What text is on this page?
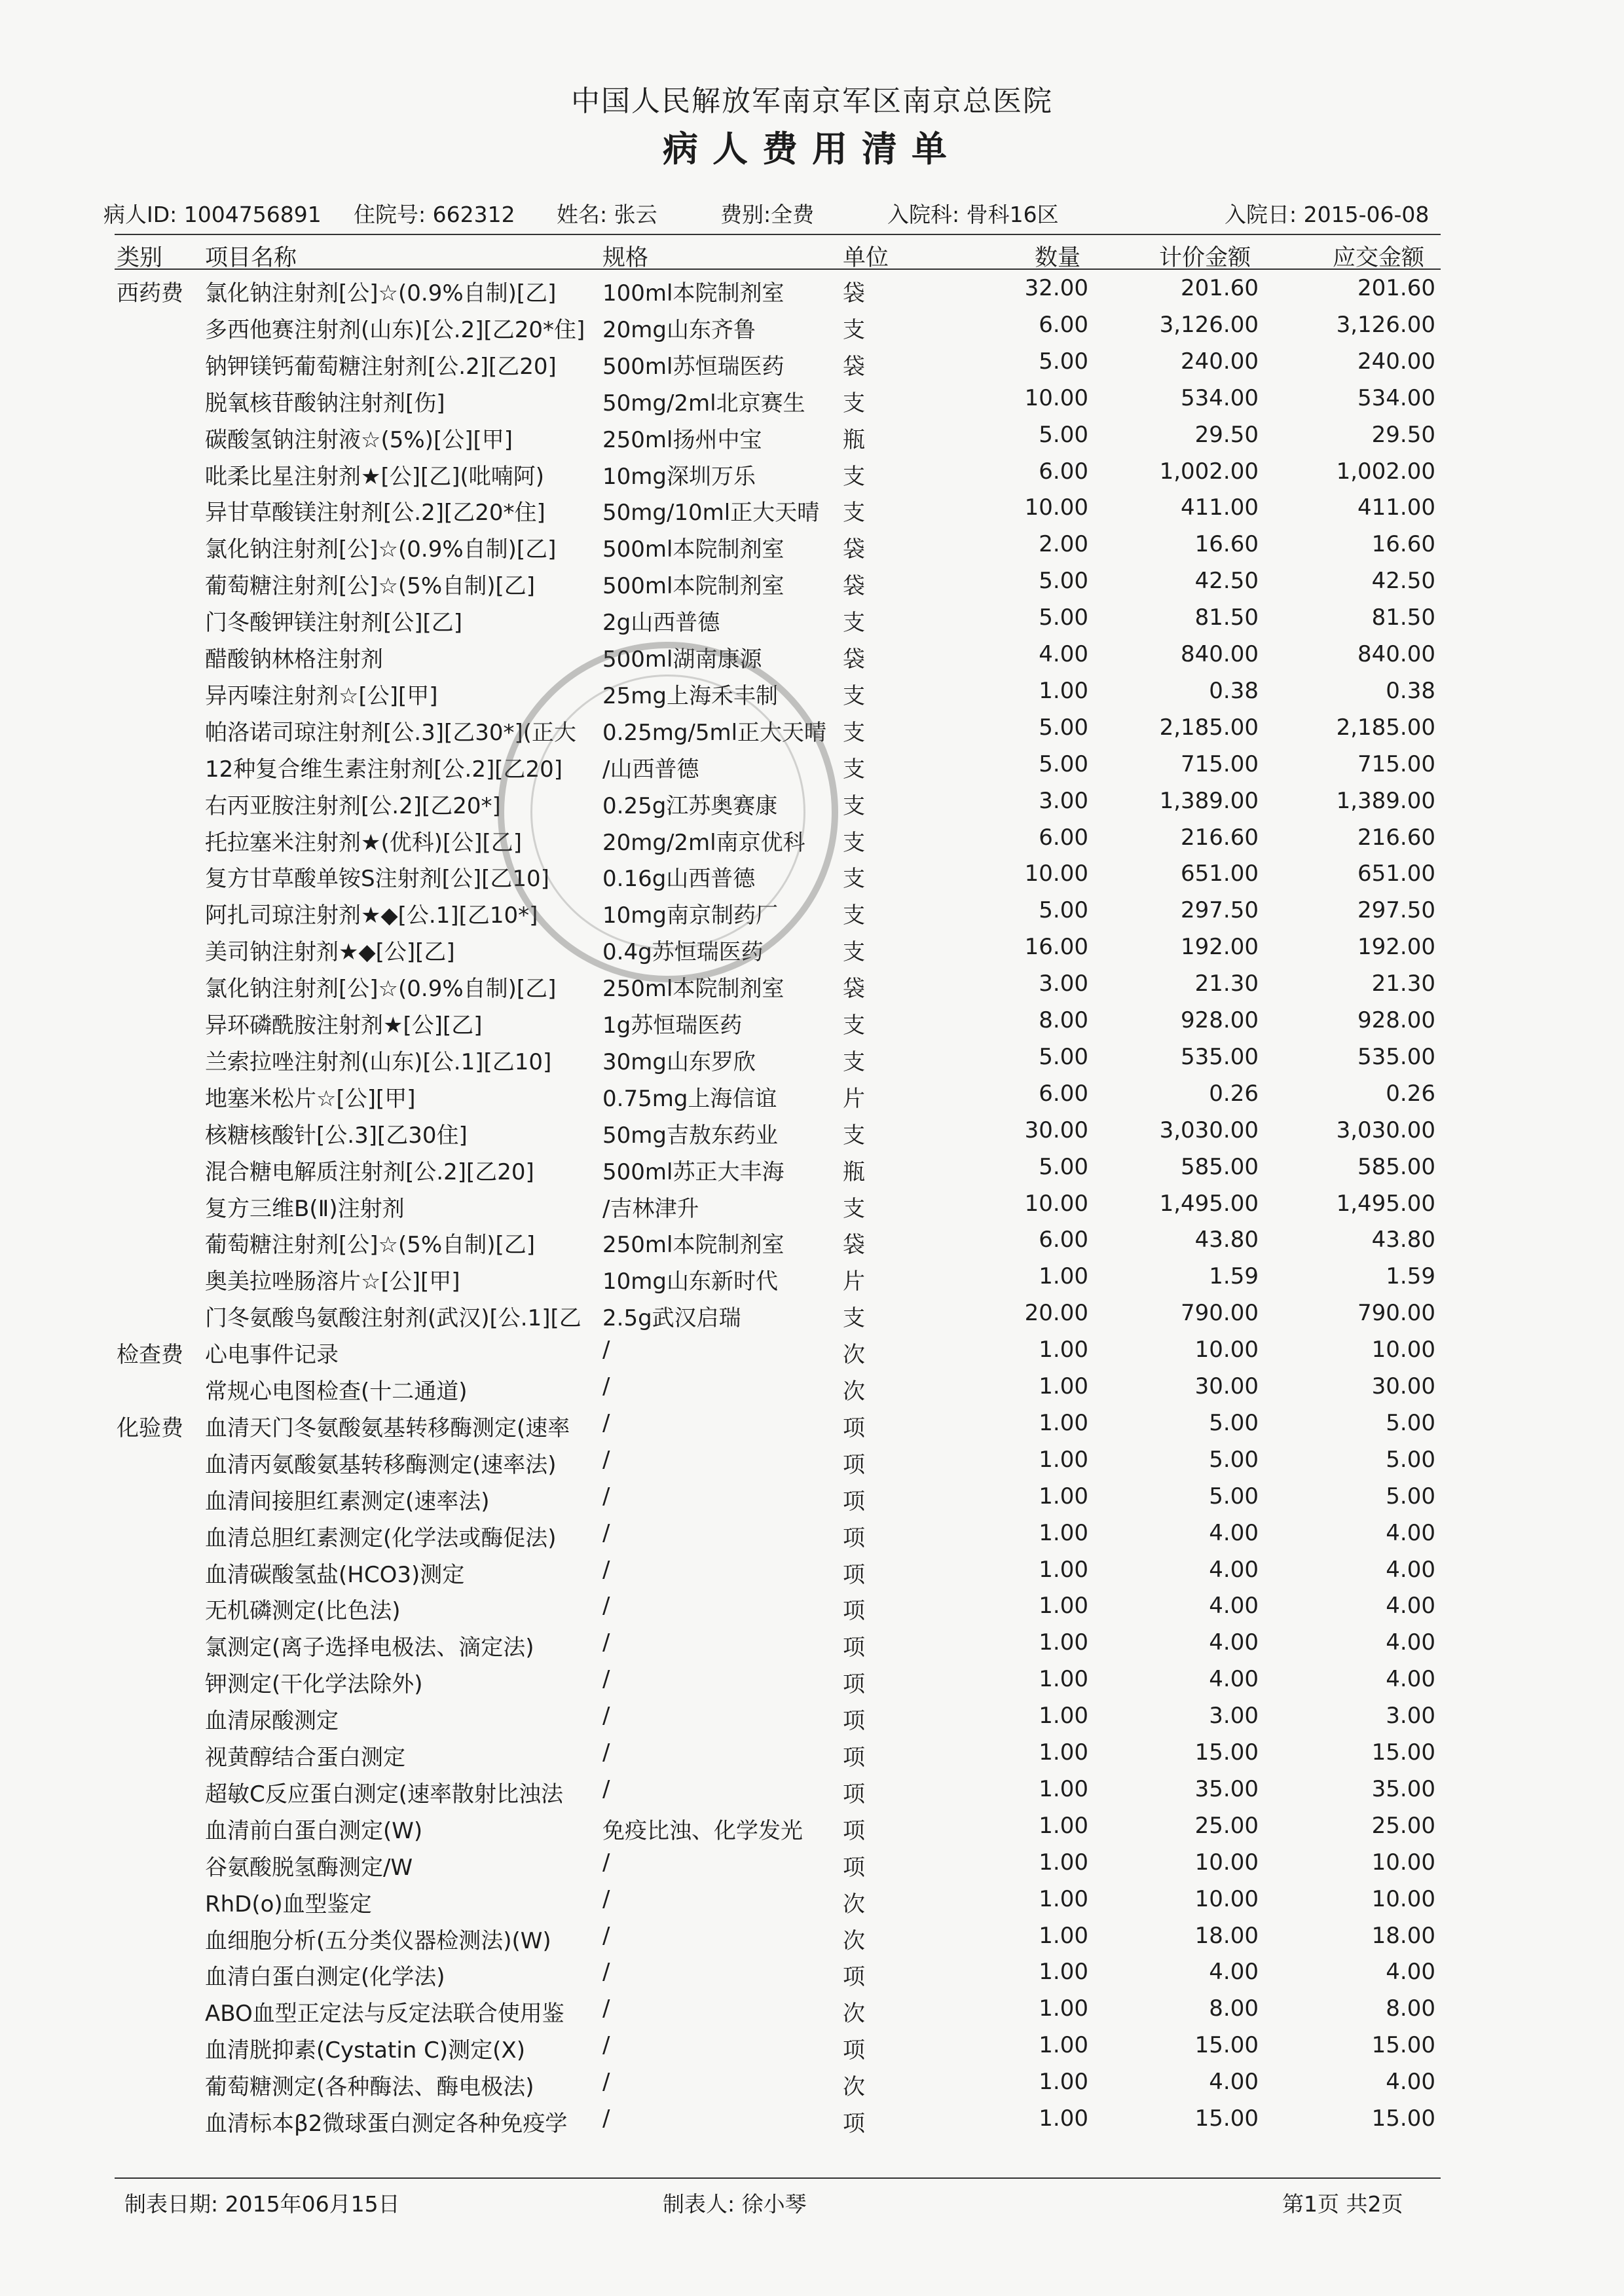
中国人民解放军南京军区南京总医院
病人费用清单
病人ID: 1004756891 住院号: 662312 姓名: 张云	费别:全费	入院科: 骨科16区	入院日: 2015-06-08
类别 项目名称	规格	单位	数量	计价金额	应交金额
西药费 氯化钠注射剂[公]☆(0.9%自制)[乙]	100ml本院制剂室	袋	32.00	201.60	201.60
多西他赛注射剂(山东)[公.2][乙20*住] 20mg山东齐鲁	支	6.00	3,126.00	3,126.00
钠钾镁钙葡萄糖注射剂[公.2][乙20]	500ml苏恒瑞医药	袋	5.00	240.00	240.00
脱氧核苷酸钠注射剂[伤]	50mg/2ml北京赛生	支	10.00	534.00	534.00
碳酸氢钠注射液☆(5%)[公][甲]	250ml扬州中宝	瓶	5.00	29.50	29.50
吡柔比星注射剂★[公][乙](吡喃阿)	10mg深圳万乐	支	6.00	1,002.00	1,002.00
异甘草酸镁注射剂[公.2][乙20*住]	50mg/10ml正大天晴	支	10.00	411.00	411.00
氯化钠注射剂[公]☆(0.9%自制)[乙]	500ml本院制剂室	袋	2.00	16.60	16.60
葡萄糖注射剂[公]☆(5%自制)[乙]	500ml本院制剂室	袋	5.00	42.50	42.50
门冬酸钾镁注射剂[公][乙]	2g山西普德	支	5.00	81.50	81.50
醋酸钠林格注射剂	500ml湖南康源	袋	4.00	840.00	840.00
异丙嗪注射剂☆[公][甲]	25mg上海禾丰制	支	1.00	0.38	0.38
帕洛诺司琼注射剂[公.3][乙30*](正大	0.25mg/5ml正大天晴 支	5.00	2,185.00	2,185.00
12种复合维生素注射剂[公.2][乙20]	/山西普德	支	5.00	715.00	715.00
右丙亚胺注射剂[公.2][乙20*]	0.25g江苏奥赛康	支	3.00	1,389.00	1,389.00
托拉塞米注射剂★(优科)[公][乙]	20mg/2ml南京优科	支	6.00	216.60	216.60
复方甘草酸单铵S注射剂[公][乙10]	0.16g山西普德	支	10.00	651.00	651.00
阿扎司琼注射剂★◆[公.1][乙10*]	10mg南京制药厂	支	5.00	297.50	297.50
美司钠注射剂★◆[公][乙]	0.4g苏恒瑞医药	支	16.00	192.00	192.00
氯化钠注射剂[公]☆(0.9%自制)[乙]	250ml本院制剂室	袋	3.00	21.30	21.30
异环磷酰胺注射剂★[公][乙]	1g苏恒瑞医药	支	8.00	928.00	928.00
兰索拉唑注射剂(山东)[公.1][乙10]	30mg山东罗欣	支	5.00	535.00	535.00
地塞米松片☆[公][甲]	0.75mg上海信谊	片	6.00	0.26	0.26
核糖核酸针[公.3][乙30住]	50mg吉敖东药业	支	30.00	3,030.00	3,030.00
混合糖电解质注射剂[公.2][乙20]	500ml苏正大丰海	瓶	5.00	585.00	585.00
复方三维B(Ⅱ)注射剂	/吉林津升	支	10.00	1,495.00	1,495.00
葡萄糖注射剂[公]☆(5%自制)[乙]	250ml本院制剂室	袋	6.00	43.80	43.80
奥美拉唑肠溶片☆[公][甲]	10mg山东新时代	片	1.00	1.59	1.59
门冬氨酸鸟氨酸注射剂(武汉)[公.1][乙 2.5g武汉启瑞	支	20.00	790.00	790.00
检查费 心电事件记录	/	次	1.00	10.00	10.00
常规心电图检查(十二通道)	/	次	1.00	30.00	30.00
化验费 血清天门冬氨酸氨基转移酶测定(速率	/	项	1.00	5.00	5.00
血清丙氨酸氨基转移酶测定(速率法)	/	项	1.00	5.00	5.00
血清间接胆红素测定(速率法)	/	项	1.00	5.00	5.00
血清总胆红素测定(化学法或酶促法)	/	项	1.00	4.00	4.00
血清碳酸氢盐(HCO3)测定	/	项	1.00	4.00	4.00
无机磷测定(比色法)	/	项	1.00	4.00	4.00
氯测定(离子选择电极法、滴定法)	/	项	1.00	4.00	4.00
钾测定(干化学法除外)	/	项	1.00	4.00	4.00
血清尿酸测定	/	项	1.00	3.00	3.00
视黄醇结合蛋白测定	/	项	1.00	15.00	15.00
超敏C反应蛋白测定(速率散射比浊法	/	项	1.00	35.00	35.00
血清前白蛋白测定(W)	免疫比浊、化学发光	项	1.00	25.00	25.00
谷氨酸脱氢酶测定/W	/	项	1.00	10.00	10.00
RhD(o)血型鉴定	/	次	1.00	10.00	10.00
血细胞分析(五分类仪器检测法)(W)	/	次	1.00	18.00	18.00
血清白蛋白测定(化学法)	/	项	1.00	4.00	4.00
ABO血型正定法与反定法联合使用鉴	/	次	1.00	8.00	8.00
血清胱抑素(Cystatin C)测定(X)	/	项	1.00	15.00	15.00
葡萄糖测定(各种酶法、酶电极法)	/	次	1.00	4.00	4.00
血清标本β2微球蛋白测定各种免疫学	/	项	1.00	15.00	15.00
制表日期: 2015年06月15日	制表人: 徐小琴	第1页 共2页
